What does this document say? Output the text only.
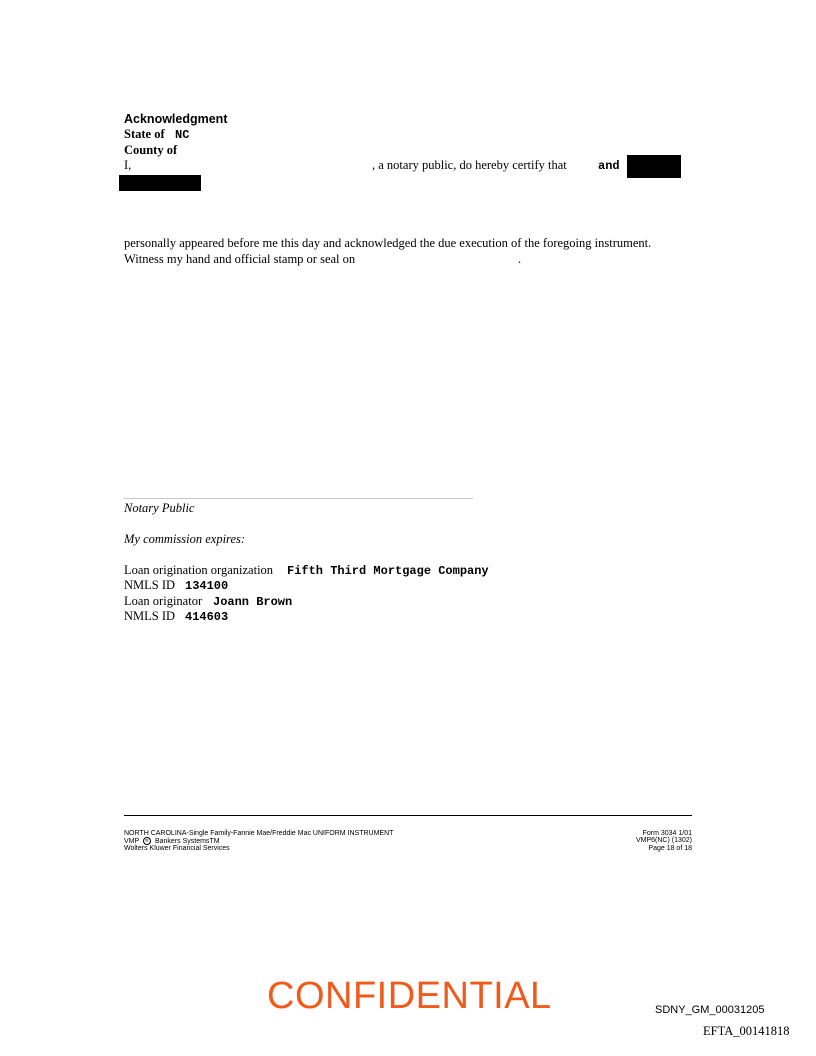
Acknowledgment
State of NC
County of
I,	, a notary public, do hereby certify that	and
personally appeared before me this day and acknowledged the due execution of the foregoing instrument.
Witness my hand and official stamp or seal on	.
Notary Public
My commission expires:
Loan origination organization Fifth Third Mortgage Company
NMLS ID 134100
Loan originator Joann Brown
NMLS ID 414603
NORTH CAROLINA-Single Family-Fannie Mae/Freddie Mac UNIFORM INSTRUMENT
VMP R Bankers SystemsTM
Wolters Kluwer Financial Services
Form 3034 1/01
VMP6(NC) (1302)
Page 18 of 18
CONFIDENTIAL	SDNY_GM_00031205
EFTA_00141818
